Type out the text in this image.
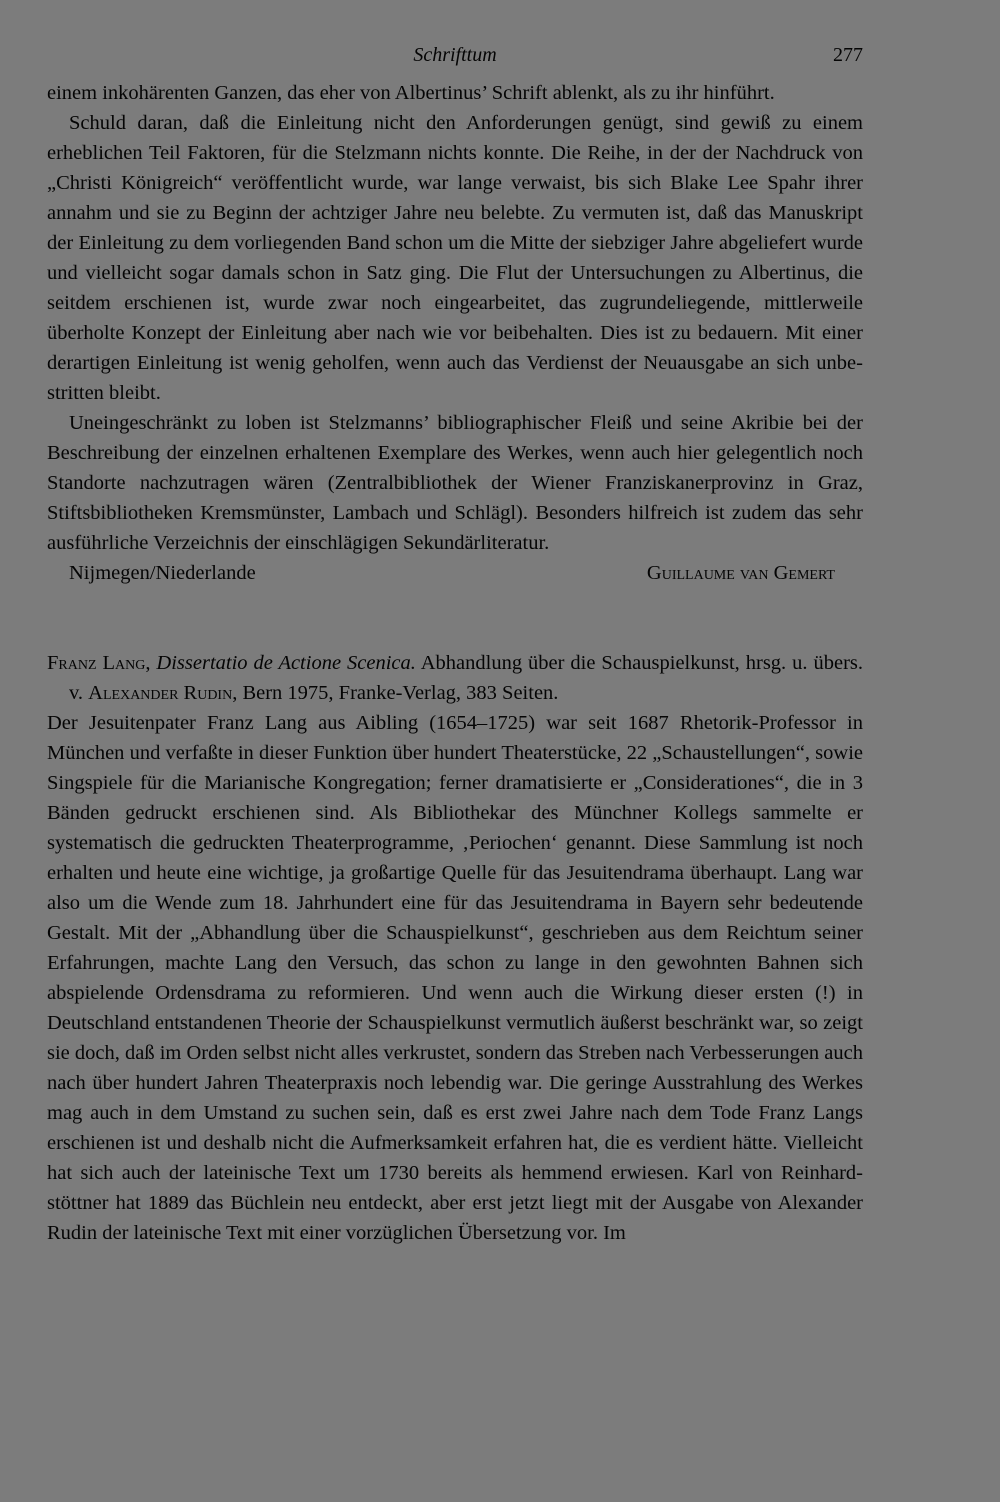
Schrifttum	277

einem inkohärenten Ganzen, das eher von Albertinus’ Schrift ablenkt, als zu ihr hinführt.

Schuld daran, daß die Einleitung nicht den Anforderungen genügt, sind gewiß zu einem erheblichen Teil Faktoren, für die Stelzmann nichts konnte. Die Reihe, in der der Nachdruck von „Christi Königreich“ veröffentlicht wurde, war lange verwaist, bis sich Blake Lee Spahr ihrer annahm und sie zu Beginn der achtziger Jahre neu belebte. Zu vermuten ist, daß das Manuskript der Einleitung zu dem vorliegenden Band schon um die Mitte der siebziger Jahre abgeliefert wurde und vielleicht sogar damals schon in Satz ging. Die Flut der Untersuchungen zu Albertinus, die seitdem erschienen ist, wurde zwar noch eingearbeitet, das zugrundeliegende, mittlerweile überholte Konzept der Einleitung aber nach wie vor beibehalten. Dies ist zu bedauern. Mit einer derartigen Einleitung ist wenig geholfen, wenn auch das Verdienst der Neuausgabe an sich unbestritten bleibt.

Uneingeschränkt zu loben ist Stelzmanns’ bibliographischer Fleiß und seine Akribie bei der Beschreibung der einzelnen erhaltenen Exemplare des Werkes, wenn auch hier gelegentlich noch Standorte nachzutragen wären (Zentralbibliothek der Wiener Franziskanerprovinz in Graz, Stiftsbibliotheken Kremsmünster, Lambach und Schlägl). Besonders hilfreich ist zudem das sehr ausführliche Verzeichnis der einschlägigen Sekundärliteratur.

Nijmegen/Niederlande	Guillaume van Gemert
Franz Lang, Dissertatio de Actione Scenica. Abhandlung über die Schauspielkunst, hrsg. u. übers. v. Alexander Rudin, Bern 1975, Franke-Verlag, 383 Seiten.

Der Jesuitenpater Franz Lang aus Aibling (1654–1725) war seit 1687 Rhetorik-Professor in München und verfaßte in dieser Funktion über hundert Theaterstücke, 22 „Schaustellungen“, sowie Singspiele für die Marianische Kongregation; ferner dramatisierte er „Considerationes“, die in 3 Bänden gedruckt erschienen sind. Als Bibliothekar des Münchner Kollegs sammelte er systematisch die gedruckten Theaterprogramme, ‚Periochen‘ genannt. Diese Sammlung ist noch erhalten und heute eine wichtige, ja großartige Quelle für das Jesuitendrama überhaupt. Lang war also um die Wende zum 18. Jahrhundert eine für das Jesuitendrama in Bayern sehr bedeutende Gestalt. Mit der „Abhandlung über die Schauspielkunst“, geschrieben aus dem Reichtum seiner Erfahrungen, machte Lang den Versuch, das schon zu lange in den gewohnten Bahnen sich abspielende Ordensdrama zu reformieren. Und wenn auch die Wirkung dieser ersten (!) in Deutschland entstandenen Theorie der Schauspielkunst vermutlich äußerst beschränkt war, so zeigt sie doch, daß im Orden selbst nicht alles verkrustet, sondern das Streben nach Verbesserungen auch nach über hundert Jahren Theaterpraxis noch lebendig war. Die geringe Ausstrahlung des Werkes mag auch in dem Umstand zu suchen sein, daß es erst zwei Jahre nach dem Tode Franz Langs erschienen ist und deshalb nicht die Aufmerksamkeit erfahren hat, die es verdient hätte. Vielleicht hat sich auch der lateinische Text um 1730 bereits als hemmend erwiesen. Karl von Reinhardstöttner hat 1889 das Büchlein neu entdeckt, aber erst jetzt liegt mit der Ausgabe von Alexander Rudin der lateinische Text mit einer vorzüglichen Übersetzung vor. Im
